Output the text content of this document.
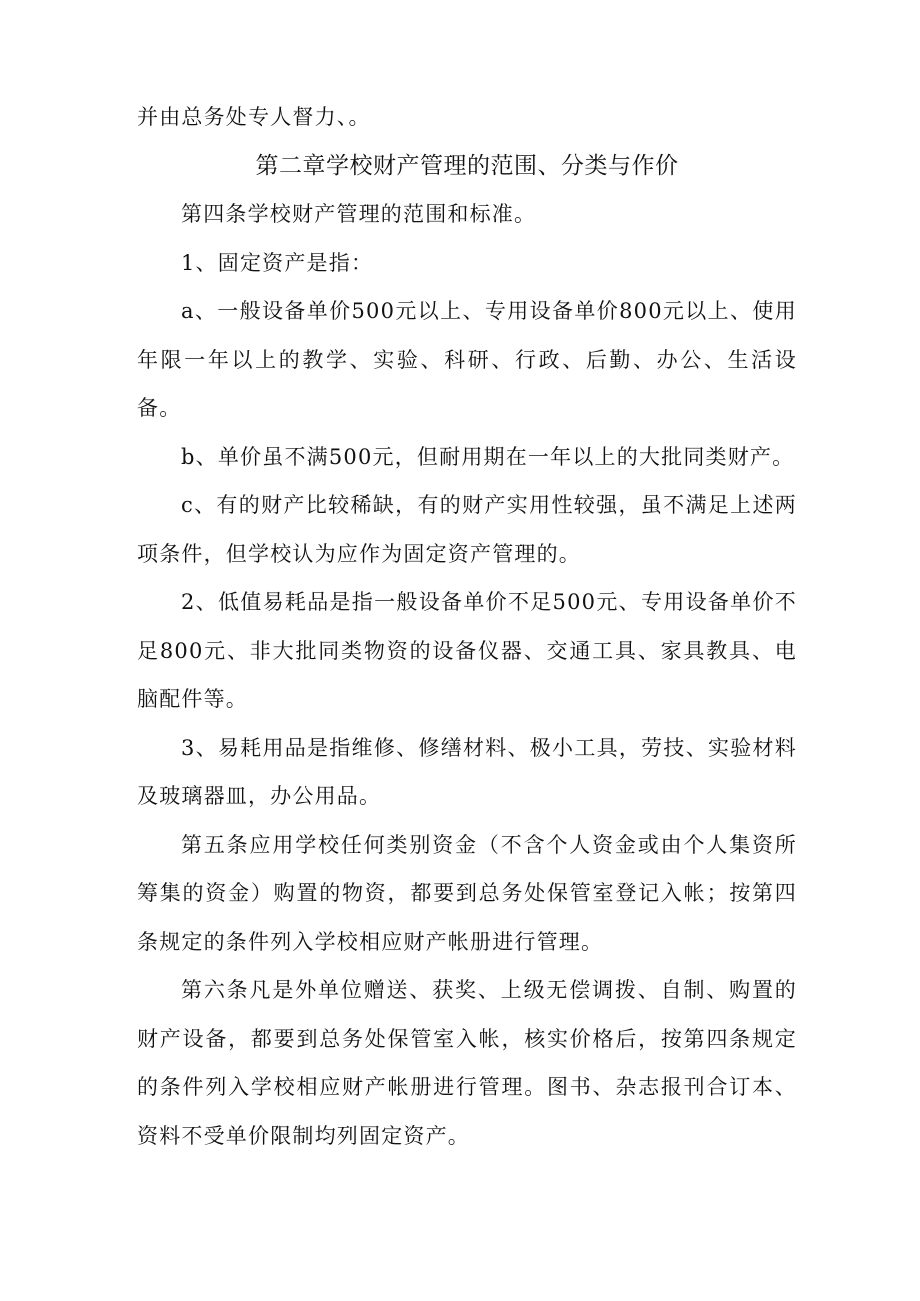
并由总务处专人督力、。

第二章学校财产管理的范围、分类与作价

第四条学校财产管理的范围和标准。

1、固定资产是指：

a、一般设备单价500元以上、专用设备单价800元以上、使用年限一年以上的教学、实验、科研、行政、后勤、办公、生活设备。

b、单价虽不满500元，但耐用期在一年以上的大批同类财产。

c、有的财产比较稀缺，有的财产实用性较强，虽不满足上述两项条件，但学校认为应作为固定资产管理的。

2、低值易耗品是指一般设备单价不足500元、专用设备单价不足800元、非大批同类物资的设备仪器、交通工具、家具教具、电脑配件等。

3、易耗用品是指维修、修缮材料、极小工具，劳技、实验材料及玻璃器皿，办公用品。

第五条应用学校任何类别资金（不含个人资金或由个人集资所筹集的资金）购置的物资，都要到总务处保管室登记入帐；按第四条规定的条件列入学校相应财产帐册进行管理。

第六条凡是外单位赠送、获奖、上级无偿调拨、自制、购置的财产设备，都要到总务处保管室入帐，核实价格后，按第四条规定的条件列入学校相应财产帐册进行管理。图书、杂志报刊合订本、资料不受单价限制均列固定资产。
